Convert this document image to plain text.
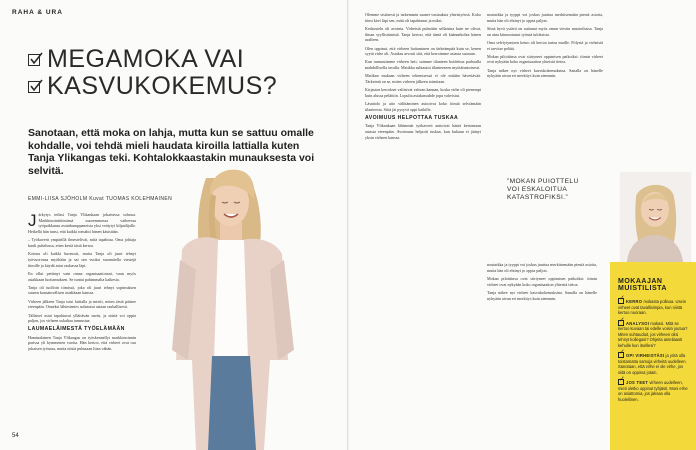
RAHA & URA
MEGAMOKA VAI
KASVUKOKEMUS?
Sanotaan, että moka on lahja, mutta kun se sattuu omalle kohdalle, voi tehdä mieli haudata kiroilla lattialla kuten Tanja Ylikangas teki. Kohtalokkaastakin munauksesta voi selvitä.
EMMI-LIISA SJÖHOLM Kuvat TUOMAS KOLEHMAINEN

Järkytys teilasi Tanja Ylikankaan jokaisessa solussa. Markkinointitiiminsä nuoremmassa vaiheessa työpaikkansa avainkumppaneista yksi vetäytyi kilpailijalle. Hetkellä hän tunsi, että kaikki romahti hänen käsistään.

– Työkaverit ympärillä ilmestelivät, mitä tapahtuu. Oma johtaja kuuli puhelussa, etten kestä tästä kertoa.

Kotona oli kaikki huonosti, mutta Tanja oli juuri tehnyt työvuoronsa myöhään ja sai sen vuoksi suunnitella viestejä tiimille ja käydä asiat rauhassa läpi.

En ollut pettänyt vain omaa organisaatiotani, vaan myös asiakkaan luottamuksen. Se tuntui pahimmalta kaikesta.

Tanja oli tuolloin tiimissä, joka oli juuri tehnyt sopimuksen suuren kansainvälisen asiakkaan kanssa.

Virheen jälkeen Tanja istui lattialla ja mietti, miten tästä pääsee eteenpäin. Onneksi lähiesimies suhtautui asiaan rauhallisesti.

Tällaiset asiat tapahtuvat yllättävän usein, ja niistä voi oppia paljon, jos virheen uskaltaa tunnustaa.

LAUMAELÄIMESTÄ TYÖELÄMÄÄN

Haminalainen Tanja Ylikangas on työskennellyt markkinoinnin parissa yli kymmenen vuotta. Hän kertoo, että virheet ovat osa jokaisen työuraa, mutta niistä puhutaan liian vähän.

54

Olemme sisäisesti ja tarkemmin saanet vastauksia yhteistyössä. Koko tiimi kävi läpi sen, mitä oli tapahtunut ja miksi.

Keskustelu oli avointa. Virheistä puhuttiin sellaisina kuin ne olivat, ilman syyllistämistä. Tanja kertoo, että tämä oli käännekohta hänen uralleen.

Olen oppinut, että virheen hoitaminen on tärkeämpää kuin se, kenen syytä virhe oli. Asiakas arvosti sitä, että kerroimme asiasta suoraan.

Kun tunnustimme virheen heti, saimme tilanteen hoidettua parhaalla mahdollisella tavalla. Matikka suhtautui tilanteeseen myötätuntoisesti.

Matikan mukaan virheen tekemisessä ei ole mitään hävettävää. Tärkeintä on se, miten virheen jälkeen toimitaan.

Kirjaston kerrokset valitsivat vahvan kannan, koska virhe oli pienempi kuin alussa pelättiin. Lopulta asiakassuhde jopa vahvistui.

Läsnäolo ja aito välittäminen auttoivat koko tiimiä selviämään tilanteesta. Siitä jäi pysyvä oppi kaikille.

AVOIMUUS HELPOTTAA TUSKAA

Tanja Ylikankaan lähimmät työkaverit auttoivat häntä kertomaan asiasta eteenpäin. Avoimuus helpotti tuskaa, kun kukaan ei jäänyt yksin virheen kanssa.

noutarkka ja tyyppi voi joskus juuttua merkitsemään pieniä asioita, mutta hän oli ehtinyt jo oppia paljon.

Siinä hyvä ystävä on auttanut myös oman viestin muotoilussa. Tanja on aina kiinnostunut työnsä tuloksista.

Oma selviytymisen keino oli kertoa tarina muille. Pölystä ja virheistä ei tarvitse pelätä.

Mokan pilottiinsa ovat siirtyneet oppimisen paikoiksi: tiimin virheet ovat nykyään koko organisaation yhteistä tietoa.

Tanja näkee nyt virheet kasvukokemuksina. Sanalla on hänelle nykyään aivan eri merkitys kuin aiemmin.

noutarkka ja tyyppi voi joskus juuttua merkitsemään pieniä asioita, mutta hän oli ehtinyt jo oppia paljon.

Mokan pilottiinsa ovat siirtyneet oppimisen paikoiksi: tiimin virheet ovat nykyään koko organisaation yhteistä tietoa.

Tanja näkee nyt virheet kasvukokemuksina. Sanalla on hänelle nykyään aivan eri merkitys kuin aiemmin.

”MOKAN PUIOTTELU VOI ESKALOITUA KATASTROFIKSI.”
MOKAAJAN MUISTILISTA
✓KERRO mokasta pollaoa. Usein virheet ovat tavallisimpia, kun niistä kertoo nuoraan.
✓ANALYSOI mokasi. Mitä se kertoo kuvaan tai edelle voisin joutua? Miten suhtauduit, jos virheen olisi tehnyt kollegasi? Ohjeita anteliaasti kehulle kun itsellesi?
✓OPI VIRHEISTÄSI ja yritä olla toistamatta samoja virheitä uudelleen. Sanotaan, että virhe ei ole virhe, jos siitä on oppinut jotain.
✓JOS TEET virheen uudelleen, mieti oletko oppinut tyhjästi. Moni erhe on asiattomia, jos jaksaa olla huolellinen.
